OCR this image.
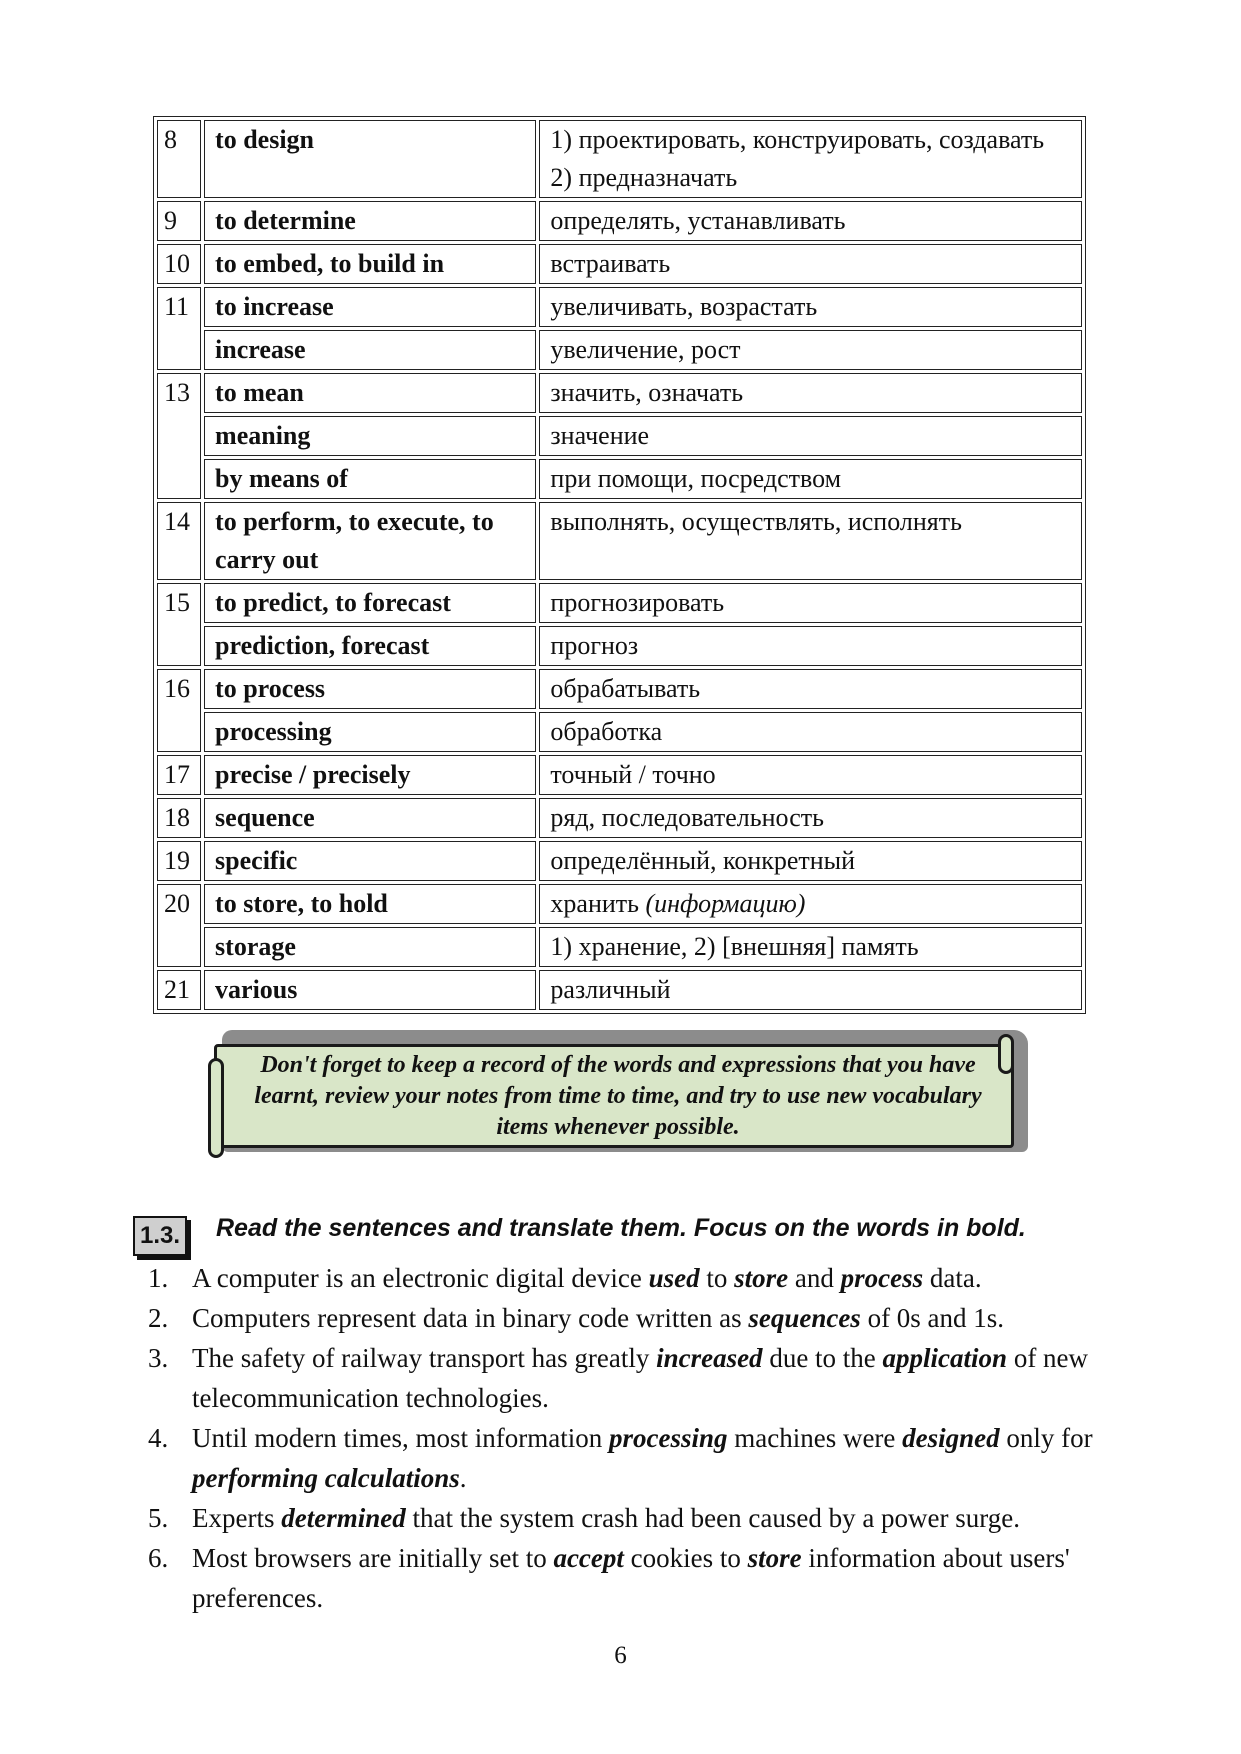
8	to design	1) проектировать, конструировать, создавать 2) предназначать
9	to determine	определять, устанавливать
10	to embed, to build in	встраивать
11	to increase	увеличивать, возрастать
	increase	увеличение, рост
13	to mean	значить, означать
	meaning	значение
	by means of	при помощи, посредством
14	to perform, to execute, to carry out	выполнять, осуществлять, исполнять
15	to predict, to forecast	прогнозировать
	prediction, forecast	прогноз
16	to process	обрабатывать
	processing	обработка
17	precise / precisely	точный / точно
18	sequence	ряд, последовательность
19	specific	определённый, конкретный
20	to store, to hold	хранить (информацию)
	storage	1) хранение, 2) [внешняя] память
21	various	различный
Don't forget to keep a record of the words and expressions that you have learnt, review your notes from time to time, and try to use new vocabulary items whenever possible.
1.3. Read the sentences and translate them. Focus on the words in bold.
1. A computer is an electronic digital device used to store and process data.
2. Computers represent data in binary code written as sequences of 0s and 1s.
3. The safety of railway transport has greatly increased due to the application of new telecommunication technologies.
4. Until modern times, most information processing machines were designed only for performing calculations.
5. Experts determined that the system crash had been caused by a power surge.
6. Most browsers are initially set to accept cookies to store information about users' preferences.
6
